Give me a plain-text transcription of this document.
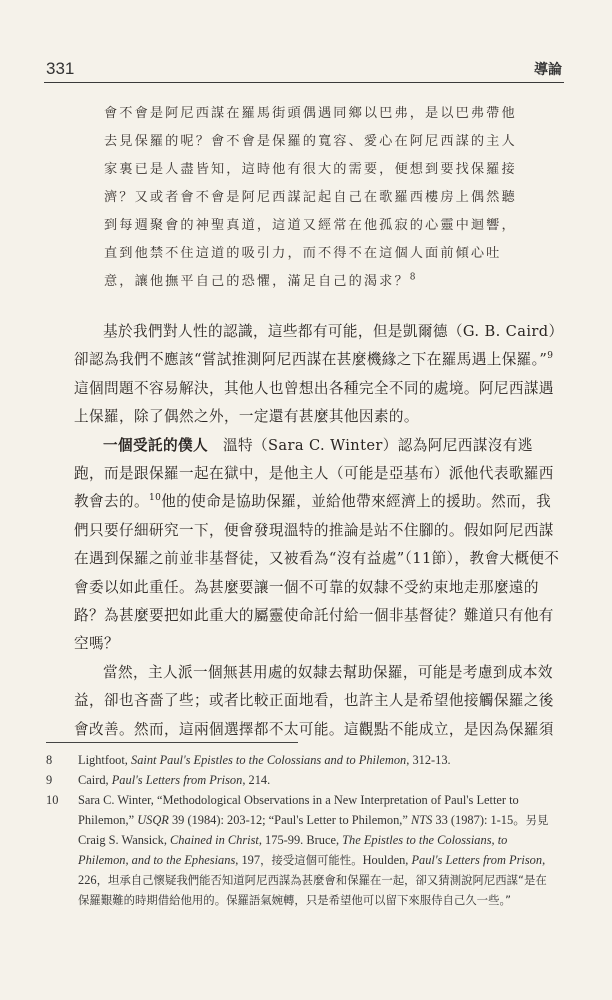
331	導論

會不會是阿尼西謀在羅馬街頭偶遇同鄉以巴弗，是以巴弗帶他去見保羅的呢？會不會是保羅的寬容、愛心在阿尼西謀的主人家裏已是人盡皆知，這時他有很大的需要，便想到要找保羅接濟？又或者會不會是阿尼西謀記起自己在歌羅西樓房上偶然聽到每週聚會的神聖真道，這道又經常在他孤寂的心靈中迴響，直到他禁不住這道的吸引力，而不得不在這個人面前傾心吐意，讓他撫平自己的恐懼，滿足自己的渴求？$^8$

基於我們對人性的認識，這些都有可能，但是凱爾德（G. B. Caird）卻認為我們不應該“嘗試推測阿尼西謀在甚麼機緣之下在羅馬遇上保羅。”$^9$這個問題不容易解決，其他人也曾想出各種完全不同的處境。阿尼西謀遇上保羅，除了偶然之外，一定還有甚麼其他因素的。

一個受託的僕人　 溫特（Sara C. Winter）認為阿尼西謀沒有逃跑，而是跟保羅一起在獄中，是他主人（可能是亞基布）派他代表歌羅西教會去的。$^{10}$他的使命是協助保羅，並給他帶來經濟上的援助。然而，我們只要仔細研究一下，便會發現溫特的推論是站不住腳的。假如阿尼西謀在遇到保羅之前並非基督徒，又被看為“沒有益處”（11節），教會大概便不會委以如此重任。為甚麼要讓一個不可靠的奴隸不受約束地走那麼遠的路？為甚麼要把如此重大的屬靈使命託付給一個非基督徒？難道只有他有空嗎？

當然，主人派一個無甚用處的奴隸去幫助保羅，可能是考慮到成本效益，卻也吝嗇了些；或者比較正面地看，也許主人是希望他接觸保羅之後會改善。然而，這兩個選擇都不太可能。這觀點不能成立，是因為保羅須

8	Lightfoot, Saint Paul's Epistles to the Colossians and to Philemon, 312-13.
9	Caird, Paul's Letters from Prison, 214.
10	Sara C. Winter, “Methodological Observations in a New Interpretation of Paul's Letter to Philemon,” USQR 39 (1984): 203-12; “Paul's Letter to Philemon,” NTS 33 (1987): 1-15。另見 Craig S. Wansick, Chained in Christ, 175-99. Bruce, The Epistles to the Colossians, to Philemon, and to the Ephesians, 197，接受這個可能性。Houlden, Paul's Letters from Prison, 226，坦承自己懷疑我們能否知道阿尼西謀為甚麼會和保羅在一起，卻又猜測說阿尼西謀“是在保羅艱難的時期借給他用的。保羅語氣婉轉，只是希望他可以留下來服侍自己久一些。”
